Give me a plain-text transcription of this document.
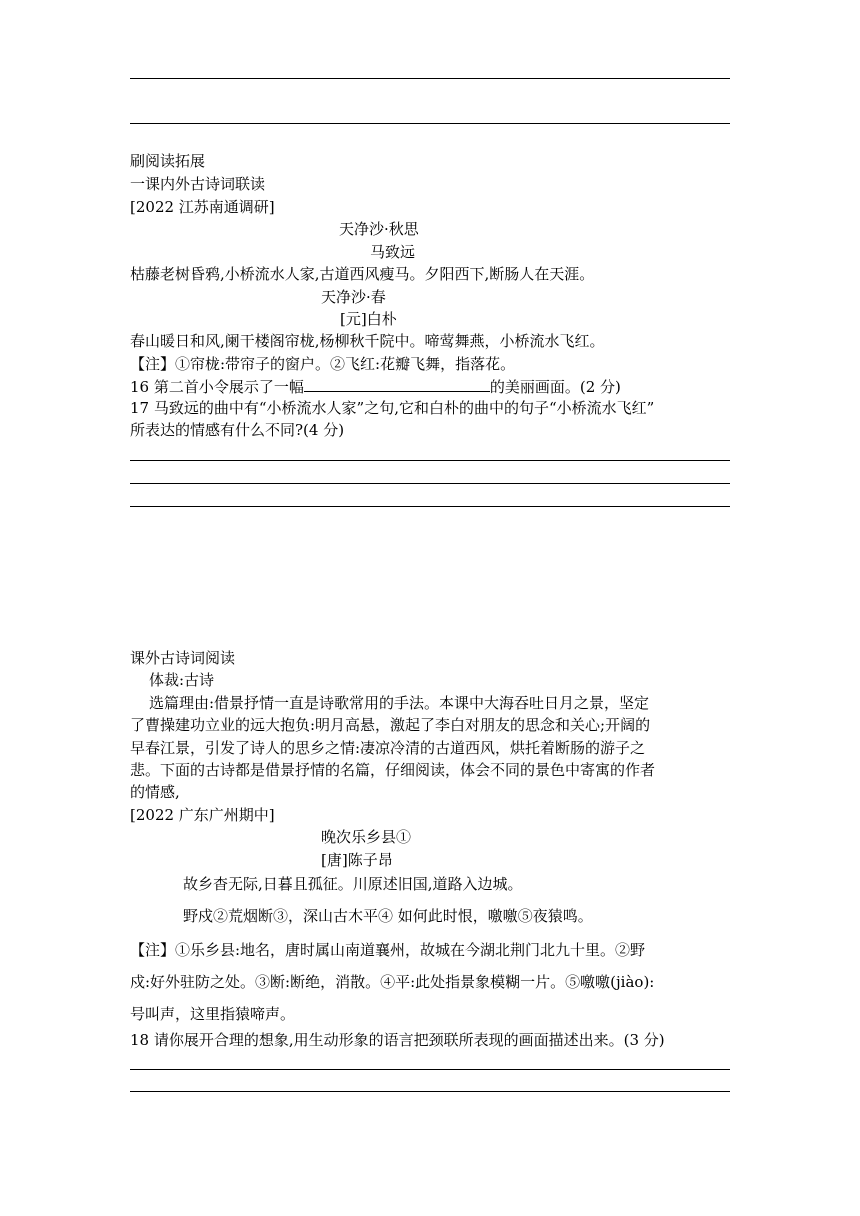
刷阅读拓展
一课内外古诗词联读
[2022 江苏南通调研]
天净沙·秋思
马致远
枯藤老树昏鸦,小桥流水人家,古道西风瘦马。夕阳西下,断肠人在天涯。
天净沙·春
[元]白朴
春山暖日和风,阑干楼阁帘栊,杨柳秋千院中。啼莺舞燕，小桥流水飞红。
【注】①帘栊:带帘子的窗户。②飞红:花瓣飞舞，指落花。
16 第二首小令展示了一幅	的美丽画面。(2 分)
17 马致远的曲中有“小桥流水人家”之句,它和白朴的曲中的句子“小桥流水飞红”
所表达的情感有什么不同?(4 分)
课外古诗词阅读
体裁:古诗
选篇理由:借景抒情一直是诗歌常用的手法。本课中大海吞吐日月之景，坚定
了曹操建功立业的远大抱负:明月高悬，激起了李白对朋友的思念和关心;开阔的
早春江景，引发了诗人的思乡之情:凄凉冷清的古道西风，烘托着断肠的游子之
悲。下面的古诗都是借景抒情的名篇，仔细阅读，体会不同的景色中寄寓的作者
的情感,
[2022 广东广州期中]
晚次乐乡县①
[唐]陈子昂
故乡杳无际,日暮且孤征。川原述旧国,道路入边城。
野戍②荒烟断③，深山古木平④ 如何此时恨，噭噭⑤夜猿鸣。
【注】①乐乡县:地名，唐时属山南道襄州，故城在今湖北荆门北九十里。②野
戍:好外驻防之处。③断:断绝，消散。④平:此处指景象模糊一片。⑤噭噭(jiào):
号叫声，这里指猿啼声。
18 请你展开合理的想象,用生动形象的语言把颈联所表现的画面描述出来。(3 分)
